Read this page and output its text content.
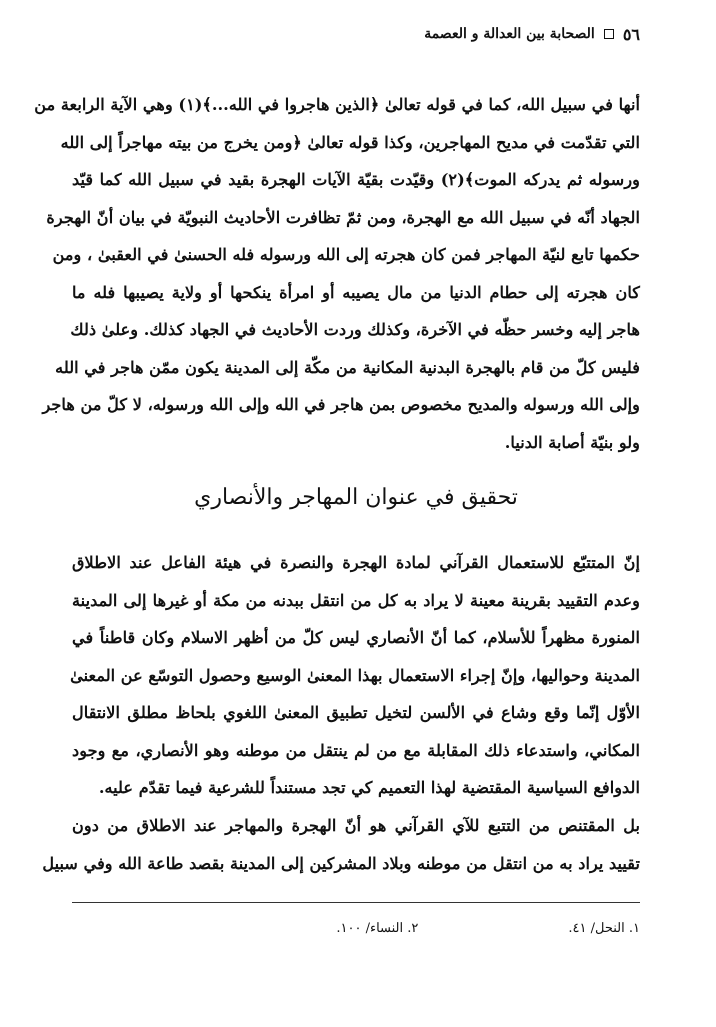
٥٦
الصحابة بين العدالة و العصمة
أنها في سبيل الله، كما في قوله تعالىٰ ﴿الذين هاجروا في الله...﴾(١) وهي الآية الرابعة من
التي تقدّمت في مديح المهاجرين، وكذا قوله تعالىٰ ﴿ومن يخرج من بيته مهاجراً إلى الله
ورسوله ثم يدركه الموت﴾(٢) وقيّدت بقيّة الآيات الهجرة بقيد في سبيل الله كما قيّد
الجهاد أنّه في سبيل الله مع الهجرة، ومن ثمّ تظافرت الأحاديث النبويّة في بيان أنّ الهجرة
حكمها تابع لنيّة المهاجر فمن كان هجرته إلى الله ورسوله فله الحسنىٰ في العقبىٰ ، ومن
كان هجرته إلى حطام الدنيا من مال يصيبه أو امرأة ينكحها أو ولاية يصيبها فله ما
هاجر إليه وخسر حظّه في الآخرة، وكذلك وردت الأحاديث في الجهاد كذلك. وعلىٰ ذلك
فليس كلّ من قام بالهجرة البدنية المكانية من مكّة إلى المدينة يكون ممّن هاجر في الله
وإلى الله ورسوله والمديح مخصوص بمن هاجر في الله وإلى الله ورسوله، لا كلّ من هاجر
ولو بنيّة أصابة الدنيا.
تحقيق في عنوان المهاجر والأنصاري
إنّ المتتبّع للاستعمال القرآني لمادة الهجرة والنصرة في هيئة الفاعل عند الاطلاق
وعدم التقييد بقرينة معينة لا يراد به كل من انتقل ببدنه من مكة أو غيرها إلى المدينة
المنورة مظهراً للأسلام، كما أنّ الأنصاري ليس كلّ من أظهر الاسلام وكان قاطناً في
المدينة وحواليها، وإنّ إجراء الاستعمال بهذا المعنىٰ الوسيع وحصول التوسّع عن المعنىٰ
الأوّل إنّما وقع وشاع في الألسن لتخيل تطبيق المعنىٰ اللغوي بلحاظ مطلق الانتقال
المكاني، واستدعاء ذلك المقابلة مع من لم ينتقل من موطنه وهو الأنصاري، مع وجود
الدوافع السياسية المقتضية لهذا التعميم كي تجد مستنداً للشرعية فيما تقدّم عليه.
بل المقتنص من التتبع للآي القرآني هو أنّ الهجرة والمهاجر عند الاطلاق من دون
تقييد يراد به من انتقل من موطنه وبلاد المشركين إلى المدينة بقصد طاعة الله وفي سبيل
١. النحل/ ٤١.
٢. النساء/ ١٠٠.
